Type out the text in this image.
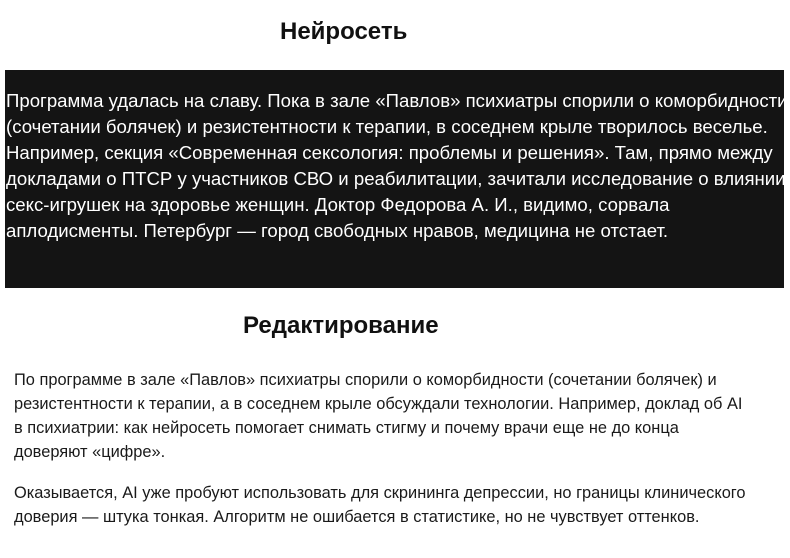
Нейросеть

Программа удалась на славу. Пока в зале «Павлов» психиатры спорили о коморбидности (сочетании болячек) и резистентности к терапии, в соседнем крыле творилось веселье. Например, секция «Современная сексология: проблемы и решения». Там, прямо между докладами о ПТСР у участников СВО и реабилитации, зачитали исследование о влиянии секс-игрушек на здоровье женщин. Доктор Федорова А. И., видимо, сорвала аплодисменты. Петербург — город свободных нравов, медицина не отстает.

Редактирование

По программе в зале «Павлов» психиатры спорили о коморбидности (сочетании болячек) и резистентности к терапии, а в соседнем крыле обсуждали технологии. Например, доклад об AI в психиатрии: как нейросеть помогает снимать стигму и почему врачи еще не до конца доверяют «цифре».

Оказывается, AI уже пробуют использовать для скрининга депрессии, но границы клинического доверия — штука тонкая. Алгоритм не ошибается в статистике, но не чувствует оттенков.
